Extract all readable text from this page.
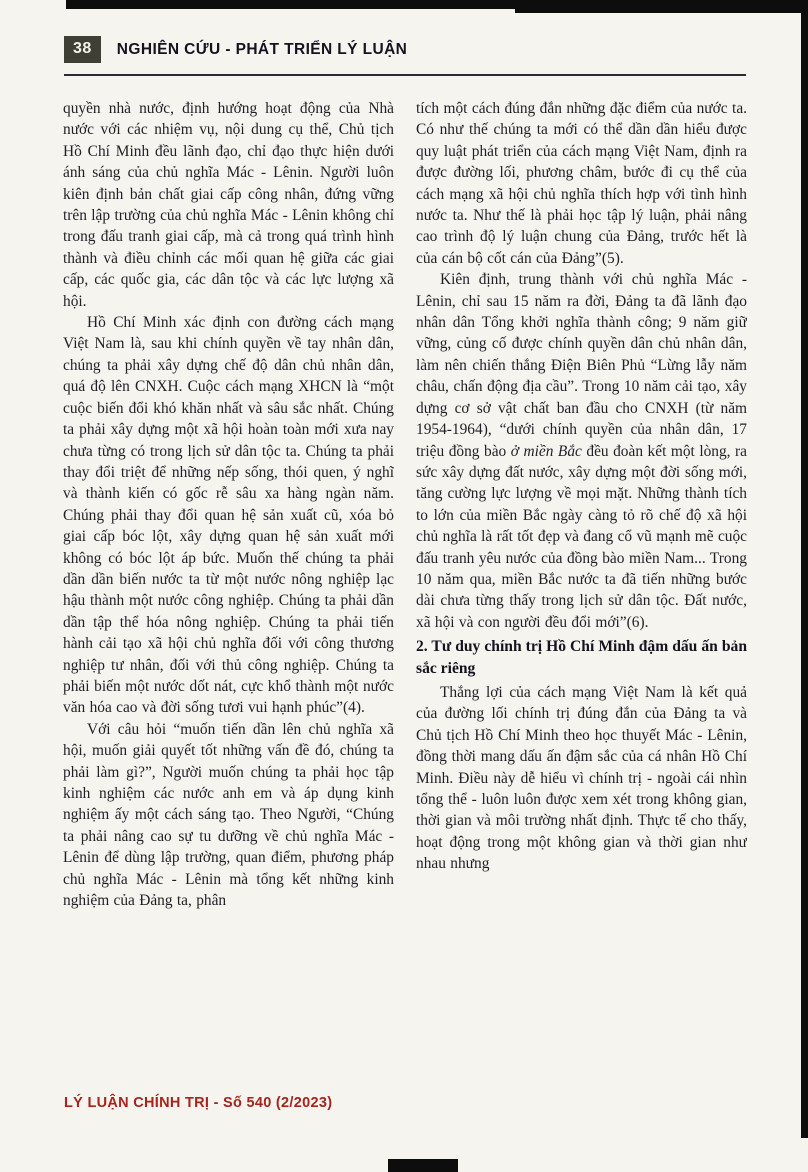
38	NGHIÊN CỨU - PHÁT TRIỂN LÝ LUẬN

quyền nhà nước, định hướng hoạt động của Nhà nước với các nhiệm vụ, nội dung cụ thể, Chủ tịch Hồ Chí Minh đều lãnh đạo, chỉ đạo thực hiện dưới ánh sáng của chủ nghĩa Mác - Lênin. Người luôn kiên định bản chất giai cấp công nhân, đứng vững trên lập trường của chủ nghĩa Mác - Lênin không chỉ trong đấu tranh giai cấp, mà cả trong quá trình hình thành và điều chỉnh các mối quan hệ giữa các giai cấp, các quốc gia, các dân tộc và các lực lượng xã hội.

Hồ Chí Minh xác định con đường cách mạng Việt Nam là, sau khi chính quyền về tay nhân dân, chúng ta phải xây dựng chế độ dân chủ nhân dân, quá độ lên CNXH. Cuộc cách mạng XHCN là “một cuộc biến đổi khó khăn nhất và sâu sắc nhất. Chúng ta phải xây dựng một xã hội hoàn toàn mới xưa nay chưa từng có trong lịch sử dân tộc ta. Chúng ta phải thay đổi triệt để những nếp sống, thói quen, ý nghĩ và thành kiến có gốc rễ sâu xa hàng ngàn năm. Chúng phải thay đổi quan hệ sản xuất cũ, xóa bỏ giai cấp bóc lột, xây dựng quan hệ sản xuất mới không có bóc lột áp bức. Muốn thế chúng ta phải dần dần biến nước ta từ một nước nông nghiệp lạc hậu thành một nước công nghiệp. Chúng ta phải dần dần tập thể hóa nông nghiệp. Chúng ta phải tiến hành cải tạo xã hội chủ nghĩa đối với công thương nghiệp tư nhân, đối với thủ công nghiệp. Chúng ta phải biến một nước dốt nát, cực khổ thành một nước văn hóa cao và đời sống tươi vui hạnh phúc”(4).

Với câu hỏi “muốn tiến dần lên chủ nghĩa xã hội, muốn giải quyết tốt những vấn đề đó, chúng ta phải làm gì?”, Người muốn chúng ta phải học tập kinh nghiệm các nước anh em và áp dụng kinh nghiệm ấy một cách sáng tạo. Theo Người, “Chúng ta phải nâng cao sự tu dưỡng về chủ nghĩa Mác - Lênin để dùng lập trường, quan điểm, phương pháp chủ nghĩa Mác - Lênin mà tổng kết những kinh nghiệm của Đảng ta, phân

tích một cách đúng đắn những đặc điểm của nước ta. Có như thế chúng ta mới có thể dần dần hiểu được quy luật phát triển của cách mạng Việt Nam, định ra được đường lối, phương châm, bước đi cụ thể của cách mạng xã hội chủ nghĩa thích hợp với tình hình nước ta. Như thế là phải học tập lý luận, phải nâng cao trình độ lý luận chung của Đảng, trước hết là của cán bộ cốt cán của Đảng”(5).

Kiên định, trung thành với chủ nghĩa Mác - Lênin, chỉ sau 15 năm ra đời, Đảng ta đã lãnh đạo nhân dân Tổng khởi nghĩa thành công; 9 năm giữ vững, củng cố được chính quyền dân chủ nhân dân, làm nên chiến thắng Điện Biên Phủ “Lừng lẫy năm châu, chấn động địa cầu”. Trong 10 năm cải tạo, xây dựng cơ sở vật chất ban đầu cho CNXH (từ năm 1954-1964), “dưới chính quyền của nhân dân, 17 triệu đồng bào ở miền Bắc đều đoàn kết một lòng, ra sức xây dựng đất nước, xây dựng một đời sống mới, tăng cường lực lượng về mọi mặt. Những thành tích to lớn của miền Bắc ngày càng tỏ rõ chế độ xã hội chủ nghĩa là rất tốt đẹp và đang cổ vũ mạnh mẽ cuộc đấu tranh yêu nước của đồng bào miền Nam... Trong 10 năm qua, miền Bắc nước ta đã tiến những bước dài chưa từng thấy trong lịch sử dân tộc. Đất nước, xã hội và con người đều đổi mới”(6).

2. Tư duy chính trị Hồ Chí Minh đậm dấu ấn bản sắc riêng

Thắng lợi của cách mạng Việt Nam là kết quả của đường lối chính trị đúng đắn của Đảng ta và Chủ tịch Hồ Chí Minh theo học thuyết Mác - Lênin, đồng thời mang dấu ấn đậm sắc của cá nhân Hồ Chí Minh. Điều này dễ hiểu vì chính trị - ngoài cái nhìn tổng thể - luôn luôn được xem xét trong không gian, thời gian và môi trường nhất định. Thực tế cho thấy, hoạt động trong một không gian và thời gian như nhau nhưng

LÝ LUẬN CHÍNH TRỊ - Số 540 (2/2023)
